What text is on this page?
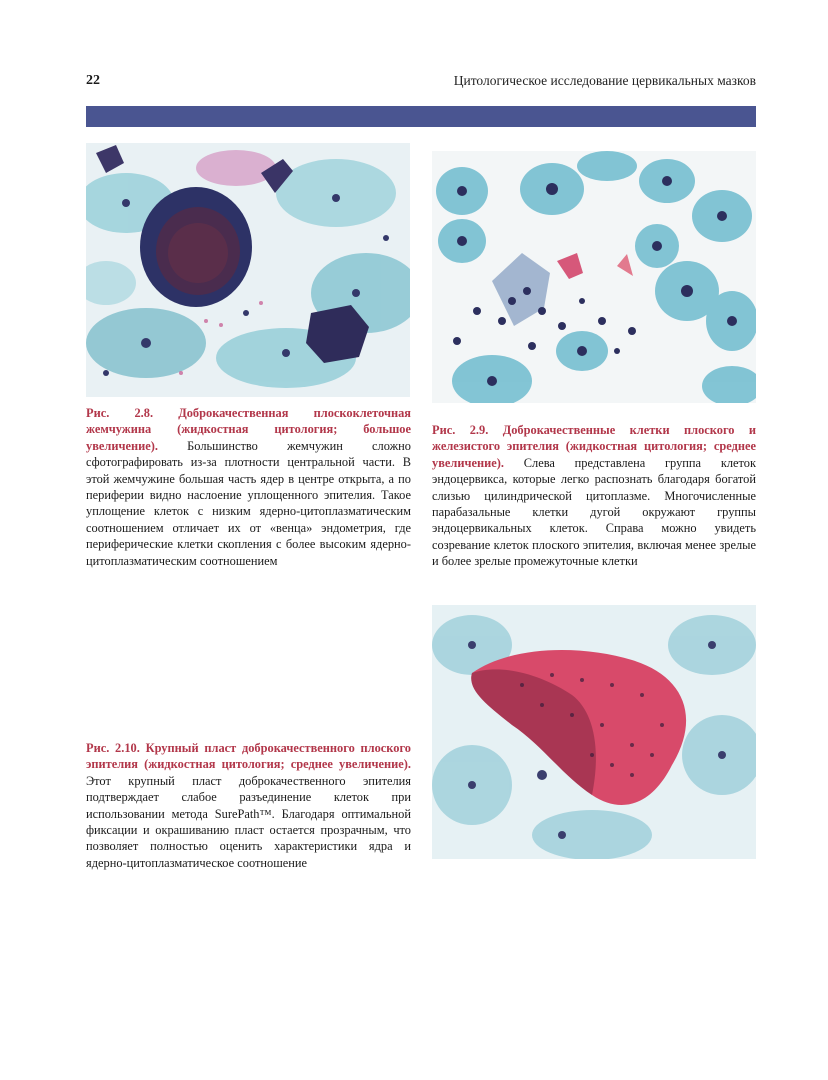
22	Цитологическое исследование цервикальных мазков
Рис. 2.8. Доброкачественная плоскоклеточная жемчужина (жидкостная цитология; большое увеличение). Большинство жемчужин сложно сфотографировать из-за плотности центральной части. В этой жемчужине большая часть ядер в центре открыта, а по периферии видно наслоение уплощенного эпителия. Такое уплощение клеток с низким ядерно-цитоплазматическим соотношением отличает их от «венца» эндометрия, где периферические клетки скопления с более высоким ядерно-цитоплазматическим соотношением
Рис. 2.9. Доброкачественные клетки плоского и железистого эпителия (жидкостная цитология; среднее увеличение). Слева представлена группа клеток эндоцервикса, которые легко распознать благодаря богатой слизью цилиндрической цитоплазме. Многочисленные парабазальные клетки дугой окружают группы эндоцервикальных клеток. Справа можно увидеть созревание клеток плоского эпителия, включая менее зрелые и более зрелые промежуточные клетки
Рис. 2.10. Крупный пласт доброкачественного плоского эпителия (жидкостная цитология; среднее увеличение). Этот крупный пласт доброкачественного эпителия подтверждает слабое разъединение клеток при использовании метода SurePath™. Благодаря оптимальной фиксации и окрашиванию пласт остается прозрачным, что позволяет полностью оценить характеристики ядра и ядерно-цитоплазматическое соотношение
